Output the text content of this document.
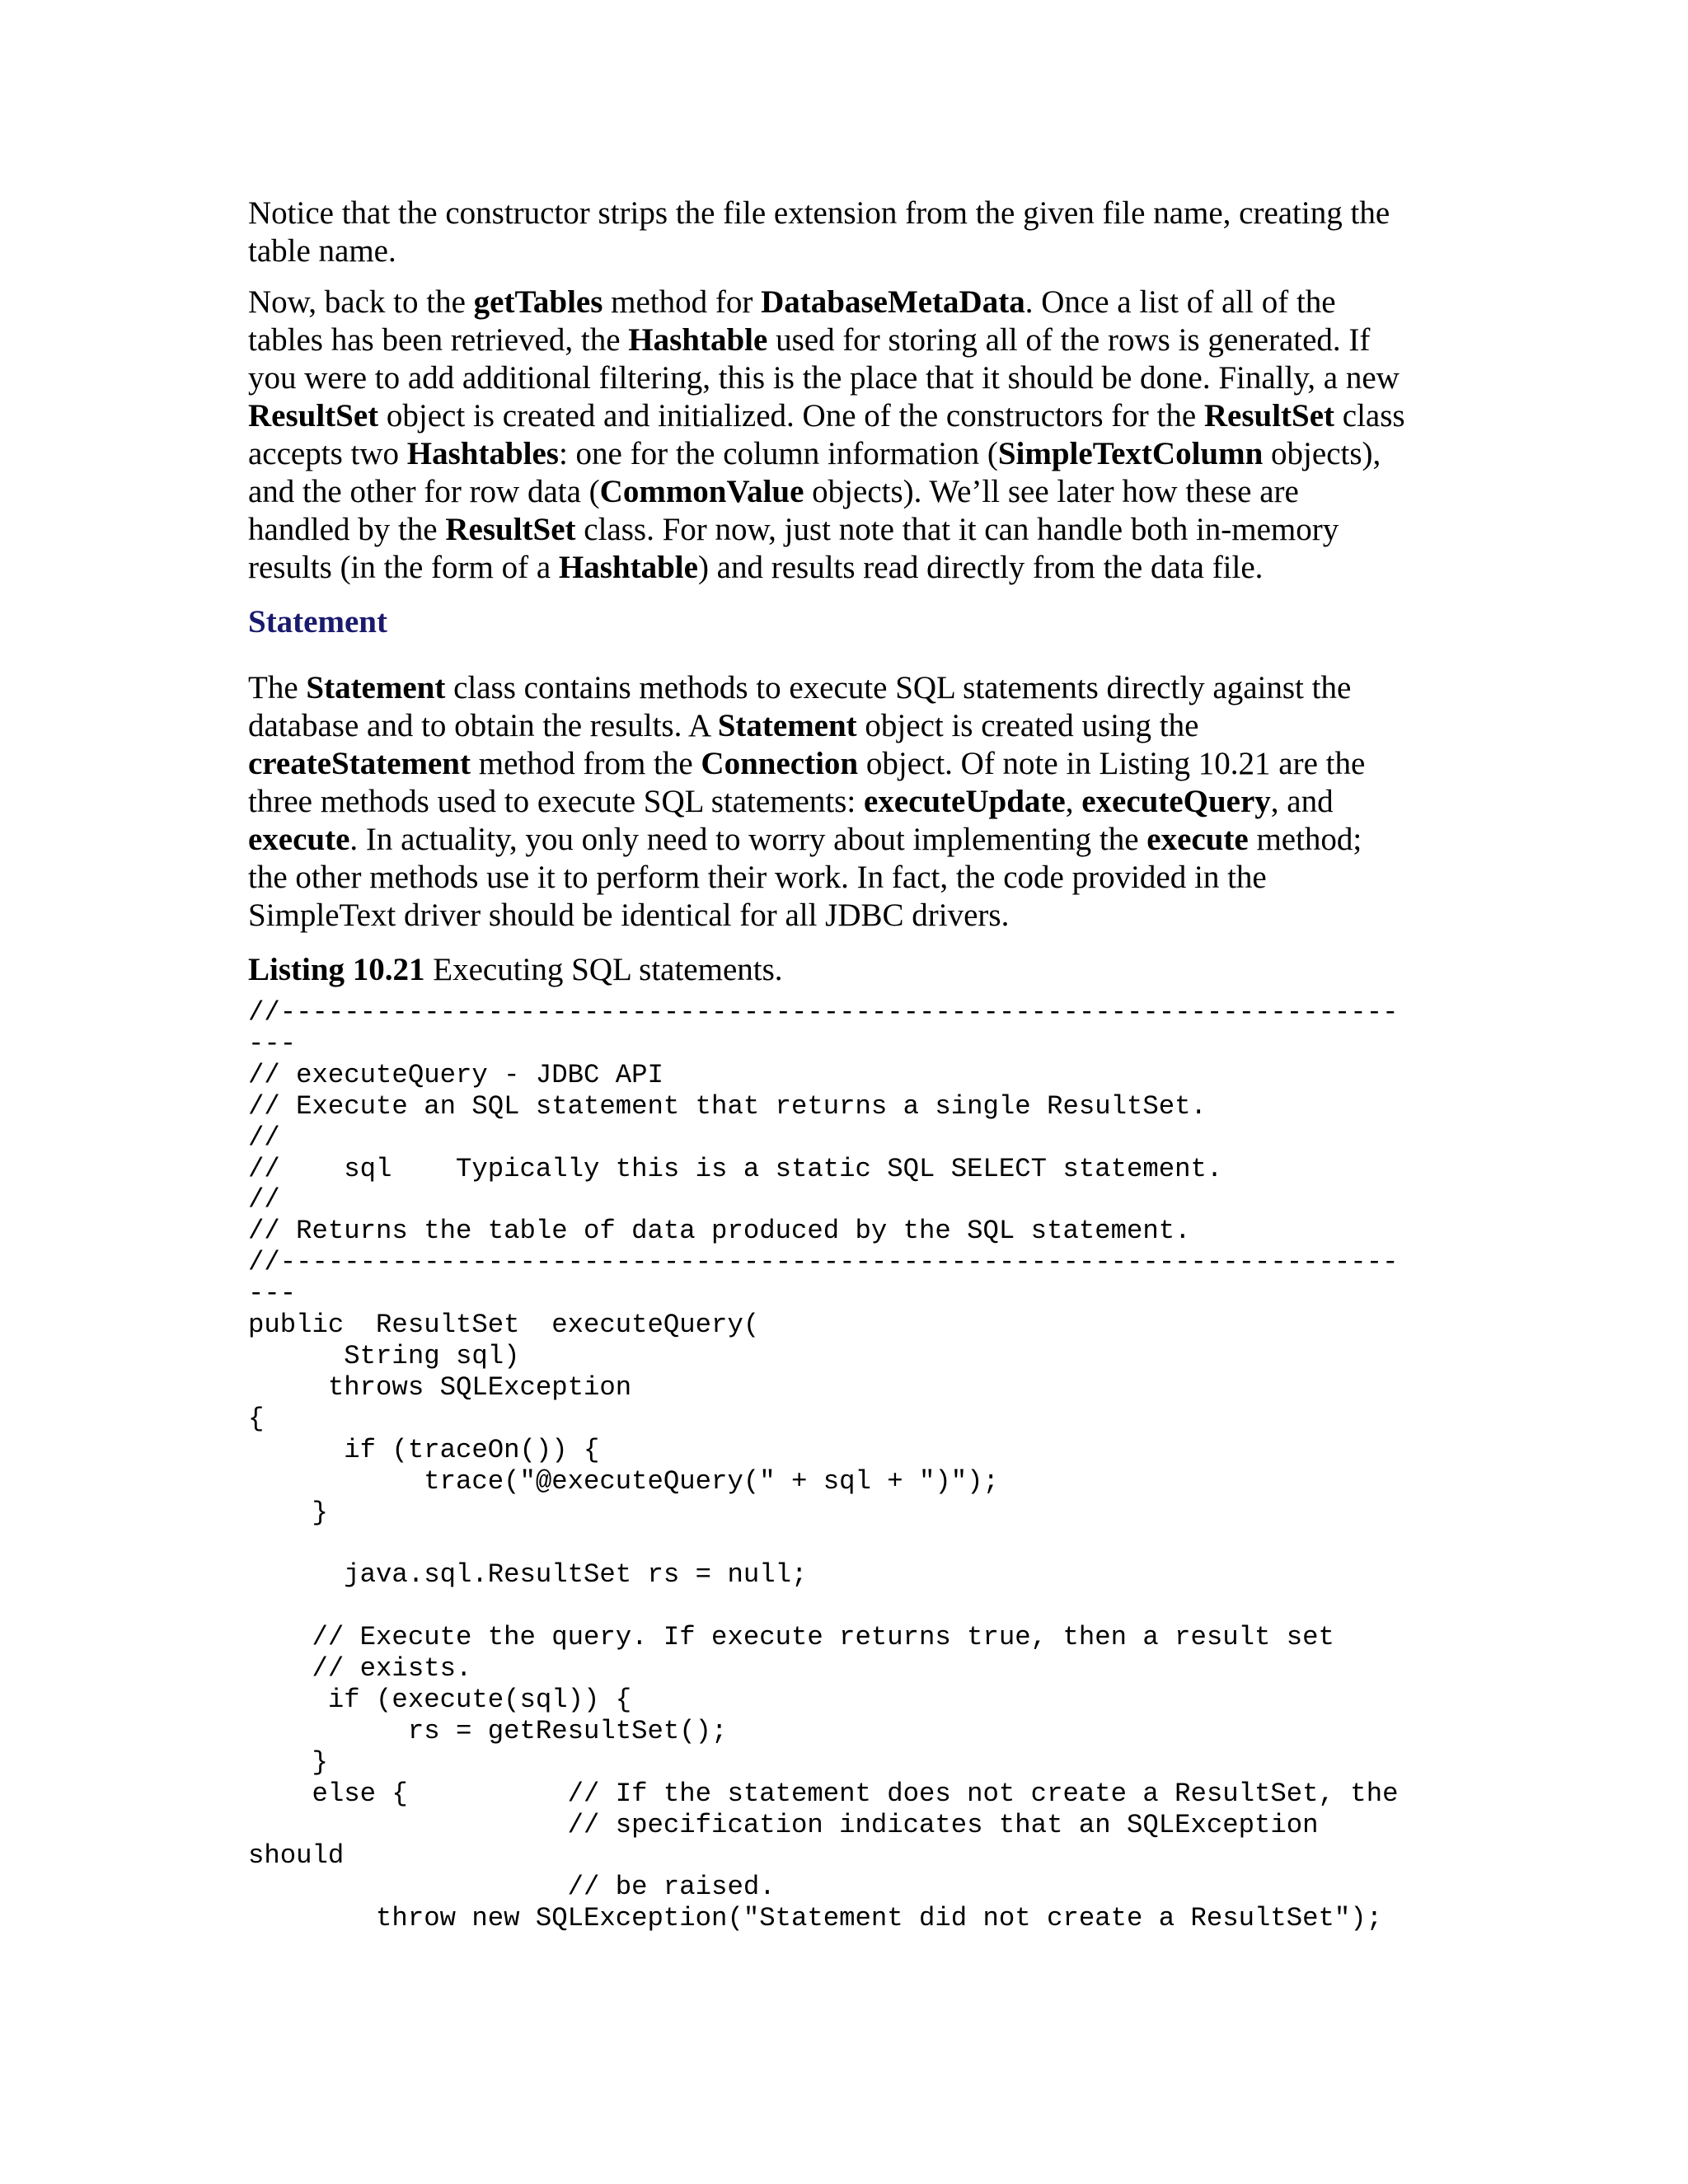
Notice that the constructor strips the file extension from the given file name, creating the
table name.

Now, back to the getTables method for DatabaseMetaData. Once a list of all of the
tables has been retrieved, the Hashtable used for storing all of the rows is generated. If
you were to add additional filtering, this is the place that it should be done. Finally, a new
ResultSet object is created and initialized. One of the constructors for the ResultSet class
accepts two Hashtables: one for the column information (SimpleTextColumn objects),
and the other for row data (CommonValue objects). We’ll see later how these are
handled by the ResultSet class. For now, just note that it can handle both in-memory
results (in the form of a Hashtable) and results read directly from the data file.

Statement

The Statement class contains methods to execute SQL statements directly against the
database and to obtain the results. A Statement object is created using the
createStatement method from the Connection object. Of note in Listing 10.21 are the
three methods used to execute SQL statements: executeUpdate, executeQuery, and
execute. In actuality, you only need to worry about implementing the execute method;
the other methods use it to perform their work. In fact, the code provided in the
SimpleText driver should be identical for all JDBC drivers.

Listing 10.21 Executing SQL statements.

//----------------------------------------------------------------------
---
// executeQuery - JDBC API
// Execute an SQL statement that returns a single ResultSet.
//
//    sql    Typically this is a static SQL SELECT statement.
//
// Returns the table of data produced by the SQL statement.
//----------------------------------------------------------------------
---
public  ResultSet  executeQuery(
String sql)
throws SQLException
{
if (traceOn()) {
trace("@executeQuery(" + sql + ")");
}

java.sql.ResultSet rs = null;

// Execute the query. If execute returns true, then a result set
// exists.
if (execute(sql)) {
rs = getResultSet();
}
else {          // If the statement does not create a ResultSet, the
// specification indicates that an SQLException
should
// be raised.
throw new SQLException("Statement did not create a ResultSet");
